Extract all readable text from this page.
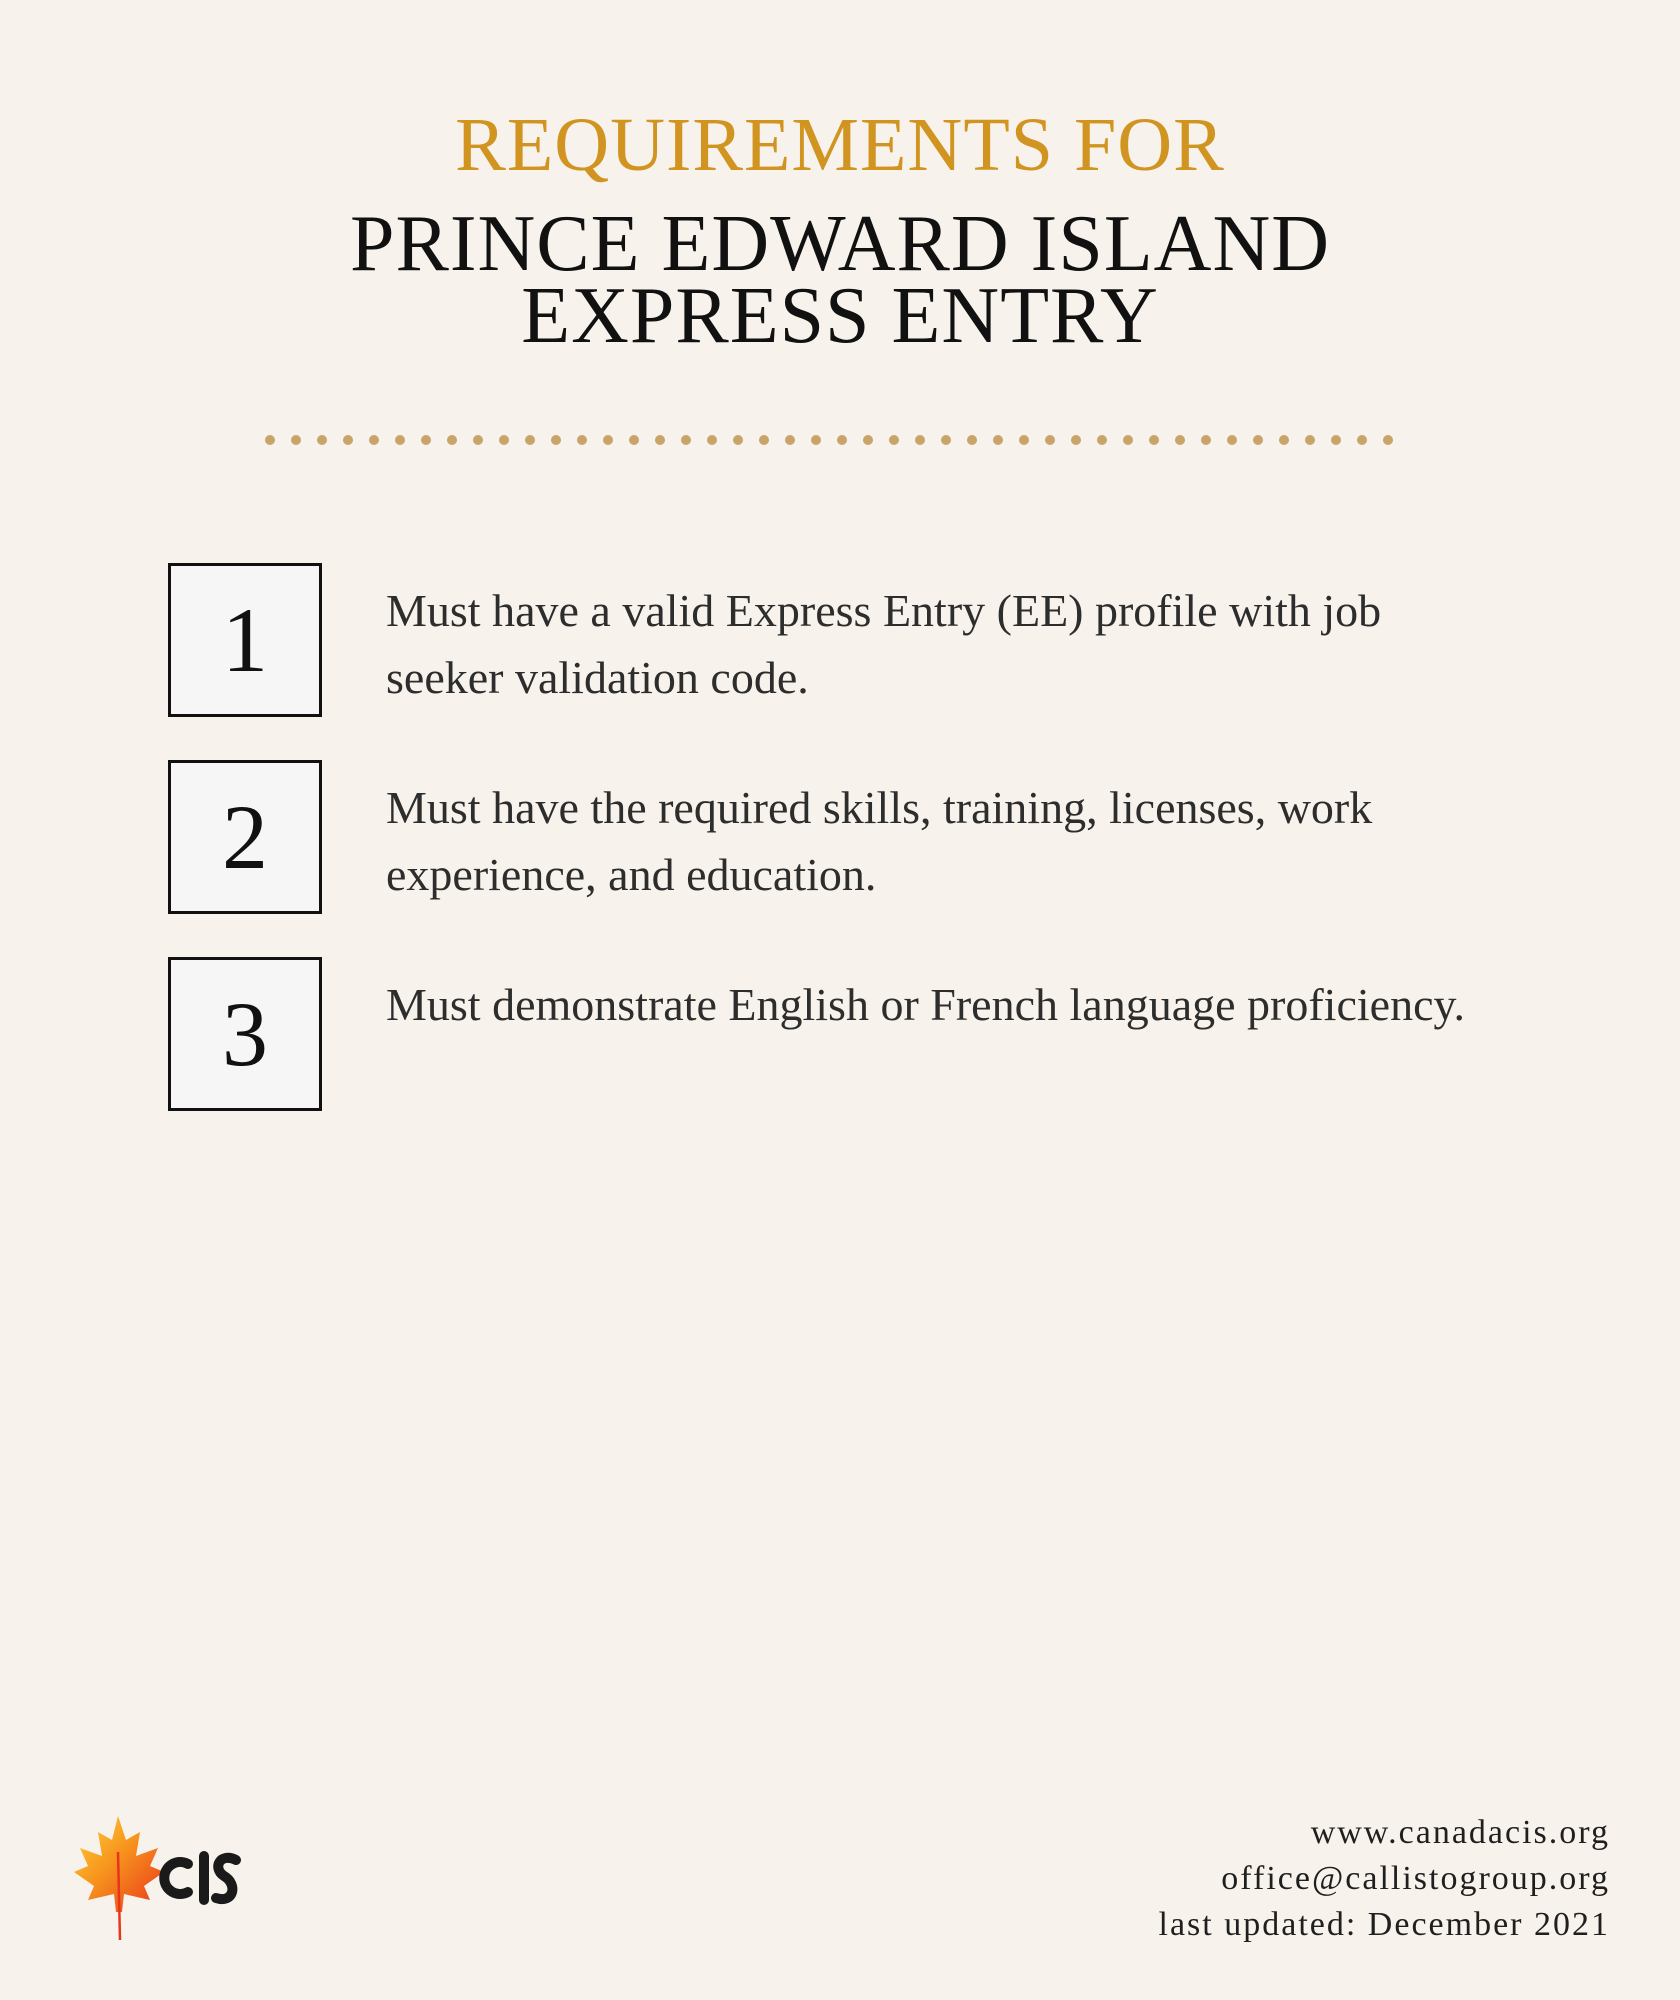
REQUIREMENTS FOR
PRINCE EDWARD ISLAND
EXPRESS ENTRY
1	Must have a valid Express Entry (EE) profile with job seeker validation code.
2	Must have the required skills, training, licenses, work experience, and education.
3	Must demonstrate English or French language proficiency.
CIS
www.canadacis.org
office@callistogroup.org
last updated: December 2021
